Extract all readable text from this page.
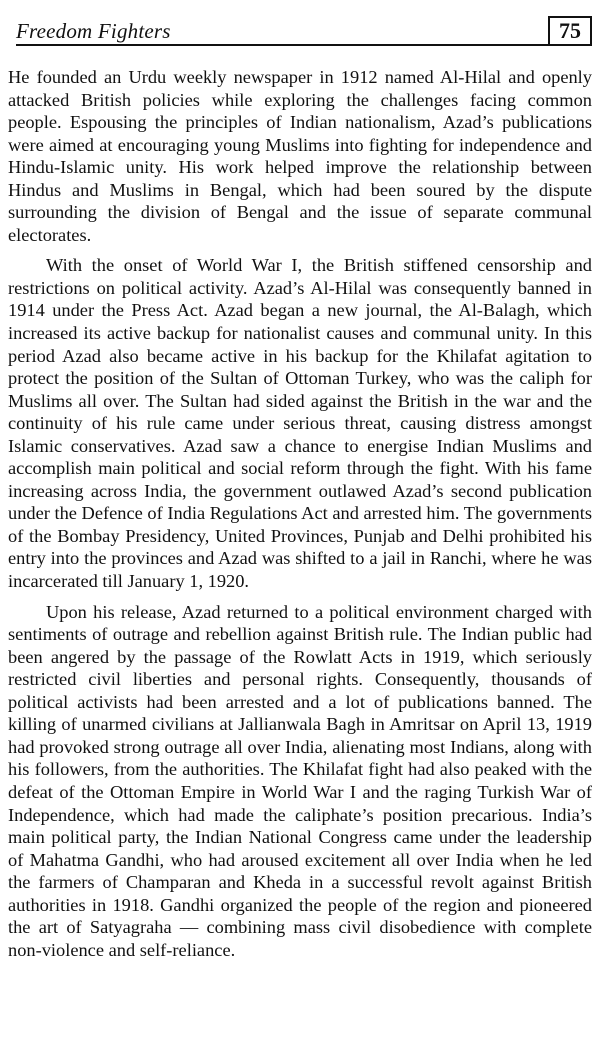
Freedom Fighters	75

He founded an Urdu weekly newspaper in 1912 named Al-Hilal and openly attacked British policies while exploring the challenges facing common people. Espousing the principles of Indian nationalism, Azad’s publications were aimed at encouraging young Muslims into fighting for independence and Hindu-Islamic unity. His work helped improve the relationship between Hindus and Muslims in Bengal, which had been soured by the dispute surrounding the division of Bengal and the issue of separate communal electorates.

With the onset of World War I, the British stiffened censorship and restrictions on political activity. Azad’s Al-Hilal was consequently banned in 1914 under the Press Act. Azad began a new journal, the Al-Balagh, which increased its active backup for nationalist causes and communal unity. In this period Azad also became active in his backup for the Khilafat agitation to protect the position of the Sultan of Ottoman Turkey, who was the caliph for Muslims all over. The Sultan had sided against the British in the war and the continuity of his rule came under serious threat, causing distress amongst Islamic conservatives. Azad saw a chance to energise Indian Muslims and accomplish main political and social reform through the fight. With his fame increasing across India, the government outlawed Azad’s second publication under the Defence of India Regulations Act and arrested him. The governments of the Bombay Presidency, United Provinces, Punjab and Delhi prohibited his entry into the provinces and Azad was shifted to a jail in Ranchi, where he was incarcerated till January 1, 1920.

Upon his release, Azad returned to a political environment charged with sentiments of outrage and rebellion against British rule. The Indian public had been angered by the passage of the Rowlatt Acts in 1919, which seriously restricted civil liberties and personal rights. Consequently, thousands of political activists had been arrested and a lot of publications banned. The killing of unarmed civilians at Jallianwala Bagh in Amritsar on April 13, 1919 had provoked strong outrage all over India, alienating most Indians, along with his followers, from the authorities. The Khilafat fight had also peaked with the defeat of the Ottoman Empire in World War I and the raging Turkish War of Independence, which had made the caliphate’s position precarious. India’s main political party, the Indian National Congress came under the leadership of Mahatma Gandhi, who had aroused excitement all over India when he led the farmers of Champaran and Kheda in a successful revolt against British authorities in 1918. Gandhi organized the people of the region and pioneered the art of Satyagraha — combining mass civil disobedience with complete non-violence and self-reliance.
